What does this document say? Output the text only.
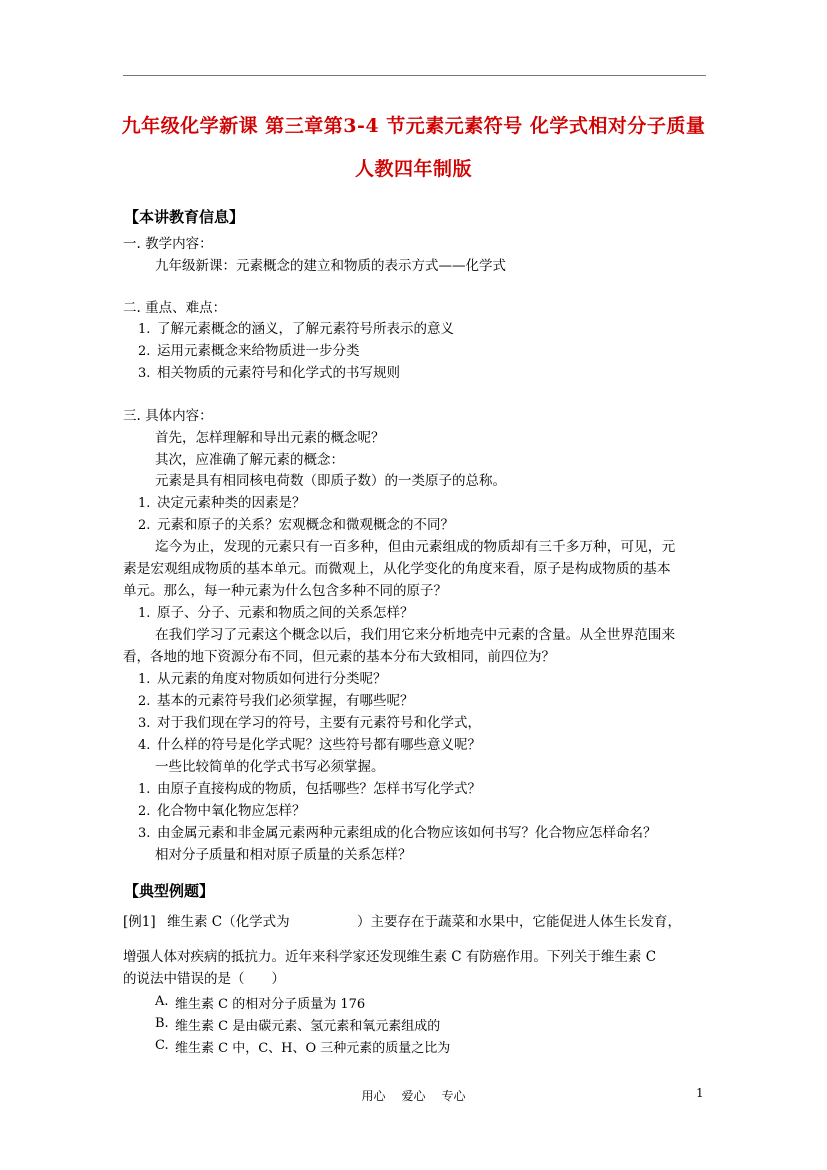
九年级化学新课 第三章第3-4 节元素元素符号 化学式相对分子质量
人教四年制版
【本讲教育信息】
一. 教学内容：
九年级新课：元素概念的建立和物质的表示方式——化学式
二. 重点、难点：
1. 了解元素概念的涵义，了解元素符号所表示的意义
2. 运用元素概念来给物质进一步分类
3. 相关物质的元素符号和化学式的书写规则
三. 具体内容：
首先，怎样理解和导出元素的概念呢？
其次，应准确了解元素的概念：
元素是具有相同核电荷数（即质子数）的一类原子的总称。
1. 决定元素种类的因素是？
2. 元素和原子的关系？宏观概念和微观概念的不同？
迄今为止，发现的元素只有一百多种，但由元素组成的物质却有三千多万种，可见，元
素是宏观组成物质的基本单元。而微观上，从化学变化的角度来看，原子是构成物质的基本
单元。那么，每一种元素为什么包含多种不同的原子？
1. 原子、分子、元素和物质之间的关系怎样？
在我们学习了元素这个概念以后，我们用它来分析地壳中元素的含量。从全世界范围来
看，各地的地下资源分布不同，但元素的基本分布大致相同，前四位为？
1. 从元素的角度对物质如何进行分类呢？
2. 基本的元素符号我们必须掌握，有哪些呢？
3. 对于我们现在学习的符号，主要有元素符号和化学式，
4. 什么样的符号是化学式呢？这些符号都有哪些意义呢？
一些比较简单的化学式书写必须掌握。
1. 由原子直接构成的物质，包括哪些？怎样书写化学式？
2. 化合物中氧化物应怎样？
3. 由金属元素和非金属元素两种元素组成的化合物应该如何书写？化合物应怎样命名？
相对分子质量和相对原子质量的关系怎样？
【典型例题】
[例1] 维生素 C（化学式为	）主要存在于蔬菜和水果中，它能促进人体生长发育，
增强人体对疾病的抵抗力。近年来科学家还发现维生素 C 有防癌作用。下列关于维生素 C
的说法中错误的是（　　）
A. 维生素 C 的相对分子质量为 176
B. 维生素 C 是由碳元素、氢元素和氧元素组成的
C. 维生素 C 中，C、H、O 三种元素的质量之比为
用心 爱心 专心	1
